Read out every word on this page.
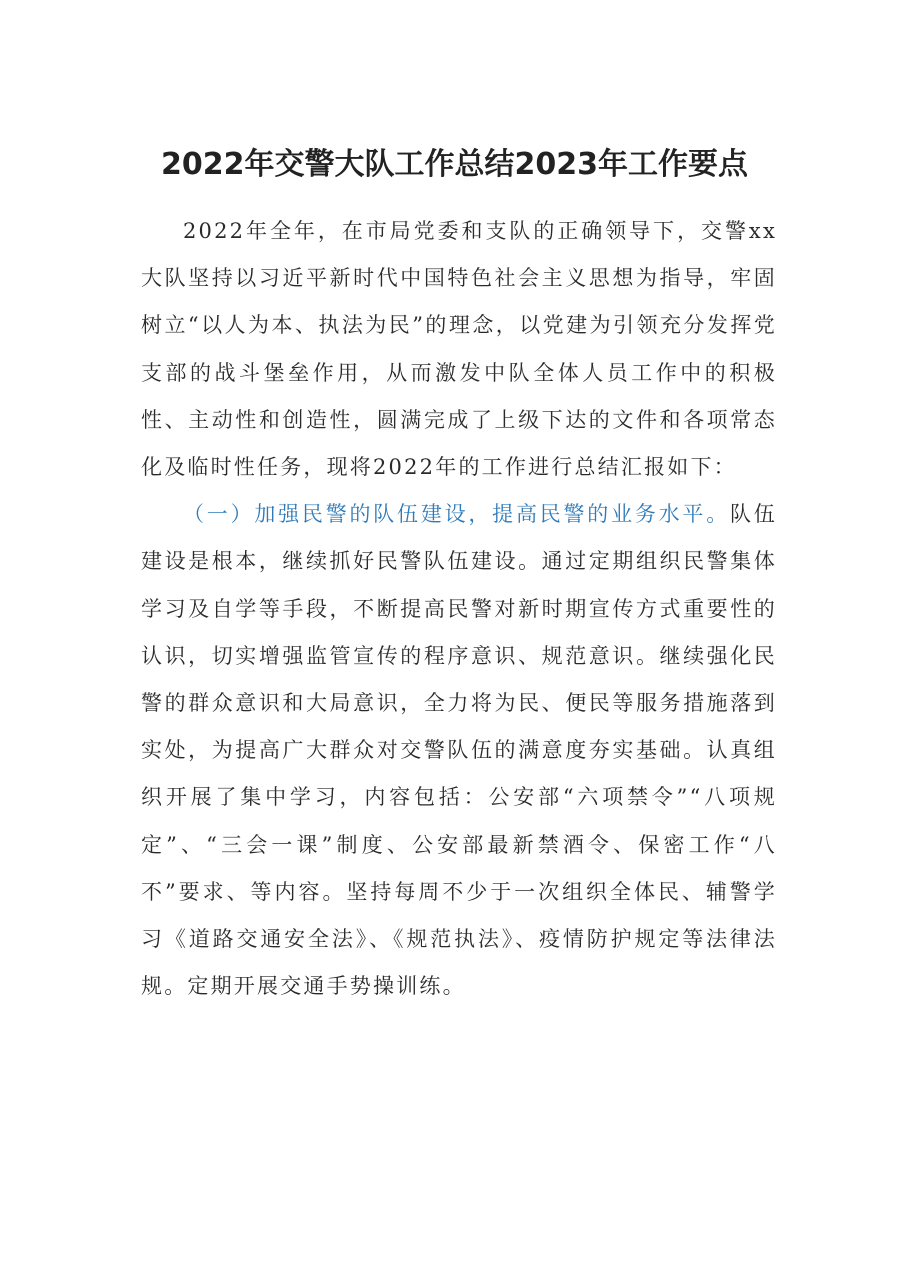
2022年交警大队工作总结2023年工作要点

2022年全年，在市局党委和支队的正确领导下，交警xx大队坚持以习近平新时代中国特色社会主义思想为指导，牢固树立“以人为本、执法为民”的理念，以党建为引领充分发挥党支部的战斗堡垒作用，从而激发中队全体人员工作中的积极性、主动性和创造性，圆满完成了上级下达的文件和各项常态化及临时性任务，现将2022年的工作进行总结汇报如下：

（一）加强民警的队伍建设，提高民警的业务水平。队伍建设是根本，继续抓好民警队伍建设。通过定期组织民警集体学习及自学等手段，不断提高民警对新时期宣传方式重要性的认识，切实增强监管宣传的程序意识、规范意识。继续强化民警的群众意识和大局意识，全力将为民、便民等服务措施落到实处，为提高广大群众对交警队伍的满意度夯实基础。认真组织开展了集中学习，内容包括：公安部“六项禁令”“八项规定”、“三会一课”制度、公安部最新禁酒令、保密工作“八不”要求、等内容。坚持每周不少于一次组织全体民、辅警学习《道路交通安全法》、《规范执法》、疫情防护规定等法律法规。定期开展交通手势操训练。
